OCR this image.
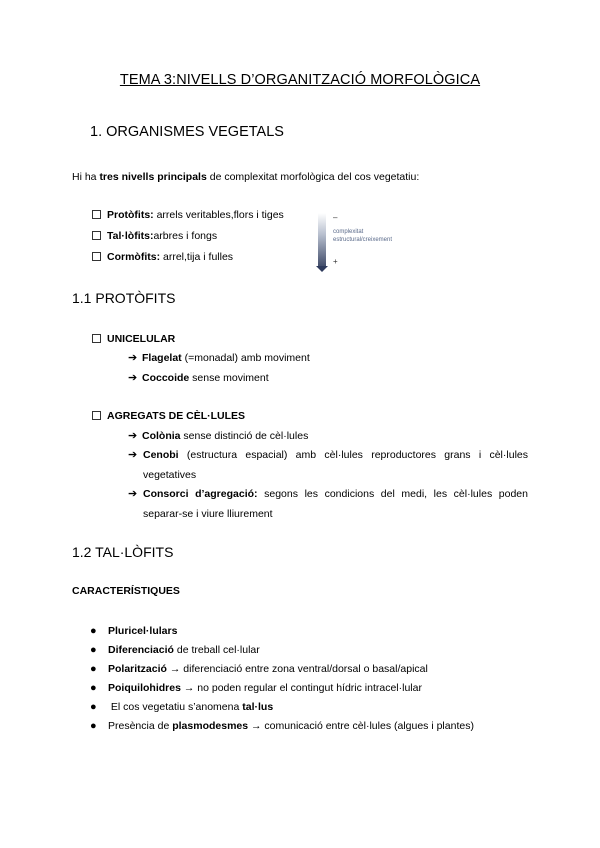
TEMA 3:NIVELLS D’ORGANITZACIÓ MORFOLÒGICA
1. ORGANISMES VEGETALS
Hi ha tres nivells principals de complexitat morfològica del cos vegetatiu:
Protòfits: arrels veritables,flors i tiges
Tal·lòfits:arbres i fongs
Cormòfits: arrel,tija i fulles
–
complexitat
estructural/creixement
+
1.1 PROTÒFITS
UNICELULAR
➔ Flagelat (=monadal) amb moviment
➔ Coccoide sense moviment
AGREGATS DE CÈL·LULES
➔ Colònia sense distinció de cèl·lules
➔ Cenobi (estructura espacial) amb cèl·lules reproductores grans i cèl·lules vegetatives
➔ Consorci d’agregació: segons les condicions del medi, les cèl·lules poden separar-se i viure lliurement
1.2 TAL·LÒFITS
CARACTERÍSTIQUES
● Pluricel·lulars
● Diferenciació de treball cel·lular
● Polarització → diferenciació entre zona ventral/dorsal o basal/apical
● Poiquilohidres → no poden regular el contingut hídric intracel·lular
● El cos vegetatiu s’anomena tal·lus
● Presència de plasmodesmes → comunicació entre cèl·lules (algues i plantes)
